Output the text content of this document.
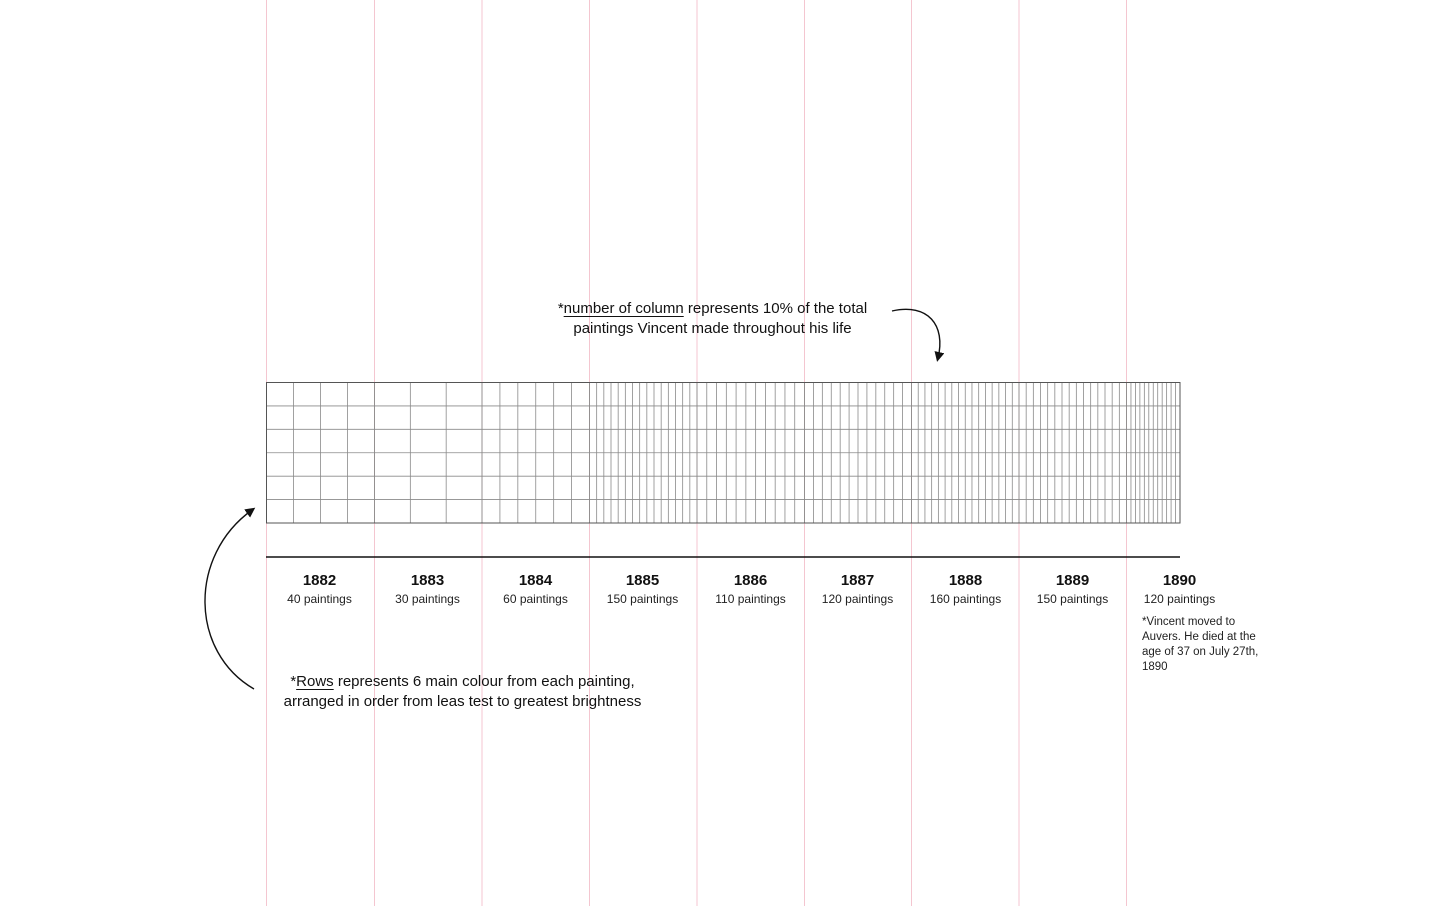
*number of column represents 10% of the total
paintings Vincent made throughout his life
*Rows represents 6 main colour from each painting,
arranged in order from leas test to greatest brightness
1882
40 paintings
1883
30 paintings
1884
60 paintings
1885
150 paintings
1886
110 paintings
1887
120 paintings
1888
160 paintings
1889
150 paintings
1890
120 paintings
*Vincent moved to Auvers. He died at the age of 37 on July 27th, 1890
